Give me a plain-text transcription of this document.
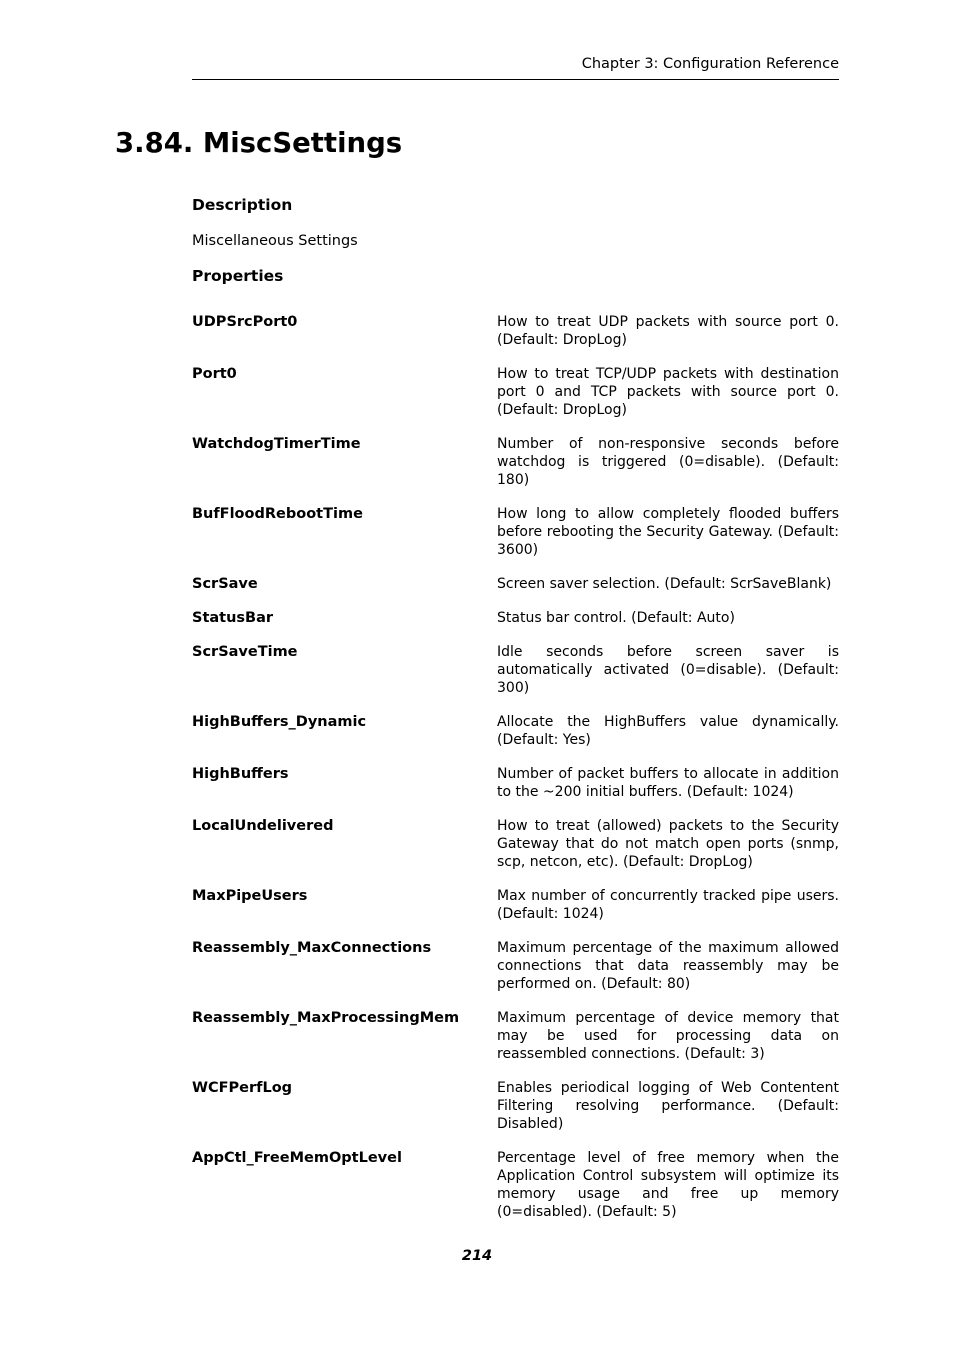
Chapter 3: Configuration Reference
3.84. MiscSettings
Description

Miscellaneous Settings

Properties
UDPSrcPort0	How to treat UDP packets with source port 0. (Default: DropLog)
Port0	How to treat TCP/UDP packets with destination port 0 and TCP packets with source port 0. (Default: DropLog)
WatchdogTimerTime	Number of non-responsive seconds before watchdog is triggered (0=disable). (Default: 180)
BufFloodRebootTime	How long to allow completely flooded buffers before rebooting the Security Gateway. (Default: 3600)
ScrSave	Screen saver selection. (Default: ScrSaveBlank)
StatusBar	Status bar control. (Default: Auto)
ScrSaveTime	Idle seconds before screen saver is automatically activated (0=disable). (Default: 300)
HighBuffers_Dynamic	Allocate the HighBuffers value dynamically. (Default: Yes)
HighBuffers	Number of packet buffers to allocate in addition to the ~200 initial buffers. (Default: 1024)
LocalUndelivered	How to treat (allowed) packets to the Security Gateway that do not match open ports (snmp, scp, netcon, etc). (Default: DropLog)
MaxPipeUsers	Max number of concurrently tracked pipe users. (Default: 1024)
Reassembly_MaxConnections	Maximum percentage of the maximum allowed connections that data reassembly may be performed on. (Default: 80)
Reassembly_MaxProcessingMem	Maximum percentage of device memory that may be used for processing data on reassembled connections. (Default: 3)
WCFPerfLog	Enables periodical logging of Web Contentent Filtering resolving performance. (Default: Disabled)
AppCtl_FreeMemOptLevel	Percentage level of free memory when the Application Control subsystem will optimize its memory usage and free up memory (0=disabled). (Default: 5)
214
